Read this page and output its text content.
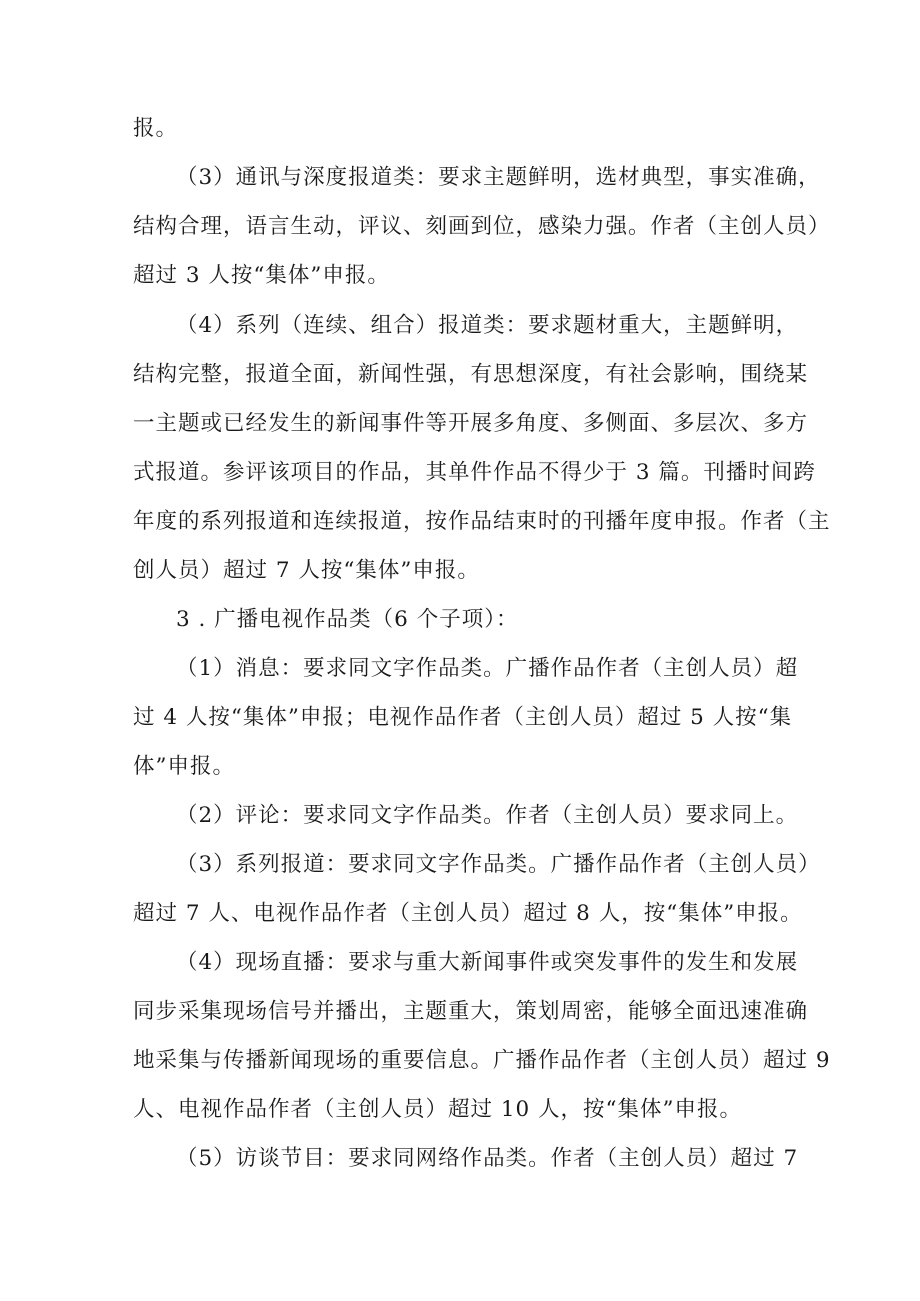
报。
（3）通讯与深度报道类：要求主题鲜明，选材典型，事实准确，
结构合理，语言生动，评议、刻画到位，感染力强。作者（主创人员）
超过 3 人按“集体”申报。
（4）系列（连续、组合）报道类：要求题材重大，主题鲜明，
结构完整，报道全面，新闻性强，有思想深度，有社会影响，围绕某
一主题或已经发生的新闻事件等开展多角度、多侧面、多层次、多方
式报道。参评该项目的作品，其单件作品不得少于 3 篇。刊播时间跨
年度的系列报道和连续报道，按作品结束时的刊播年度申报。作者（主
创人员）超过 7 人按“集体”申报。
3 . 广播电视作品类（6 个子项）：
（1）消息：要求同文字作品类。广播作品作者（主创人员）超
过 4 人按“集体”申报；电视作品作者（主创人员）超过 5 人按“集
体”申报。
（2）评论：要求同文字作品类。作者（主创人员）要求同上。
（3）系列报道：要求同文字作品类。广播作品作者（主创人员）
超过 7 人、电视作品作者（主创人员）超过 8 人，按“集体”申报。
（4）现场直播：要求与重大新闻事件或突发事件的发生和发展
同步采集现场信号并播出，主题重大，策划周密，能够全面迅速准确
地采集与传播新闻现场的重要信息。广播作品作者（主创人员）超过 9
人、电视作品作者（主创人员）超过 10 人，按“集体”申报。
（5）访谈节目：要求同网络作品类。作者（主创人员）超过 7
